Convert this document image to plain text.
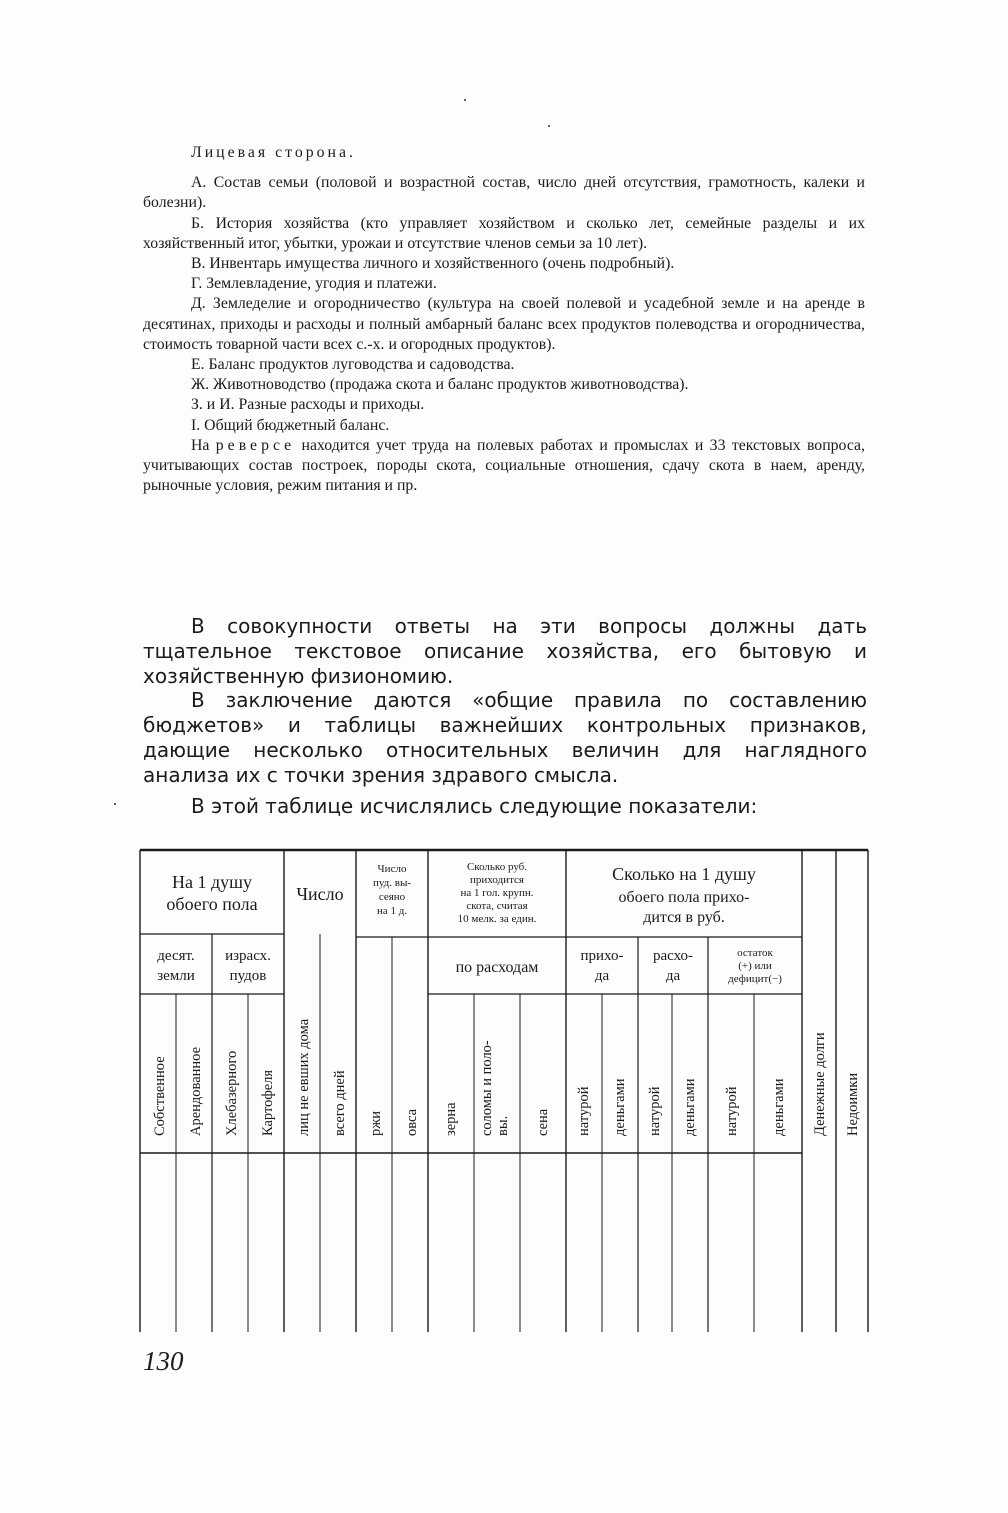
Лицевая сторона.

А. Состав семьи (половой и возрастной состав, число дней отсутствия, грамотность, калеки и болезни).

Б. История хозяйства (кто управляет хозяйством и сколько лет, семейные разделы и их хозяйственный итог, убытки, урожаи и отсутствие членов семьи за 10 лет).

В. Инвентарь имущества личного и хозяйственного (очень подробный).

Г. Землевладение, угодия и платежи.

Д. Земледелие и огородничество (культура на своей полевой и усадебной земле и на аренде в десятинах, приходы и расходы и полный амбарный баланс всех продуктов полеводства и огородничества, стоимость товарной части всех с.-х. и огородных продуктов).

Е. Баланс продуктов луговодства и садоводства.

Ж. Животноводство (продажа скота и баланс продуктов животноводства).

З. и И. Разные расходы и приходы.

I. Общий бюджетный баланс.

На реверсе находится учет труда на полевых работах и промыслах и 33 текстовых вопроса, учитывающих состав построек, породы скота, социальные отношения, сдачу скота в наем, аренду, рыночные условия, режим питания и пр.

В совокупности ответы на эти вопросы должны дать тщательное текстовое описание хозяйства, его бытовую и хозяйственную физиономию.

В заключение даются «общие правила по составлению бюджетов» и таблицы важнейших контрольных признаков, дающие несколько относительных величин для наглядного анализа их с точки зрения здравого смысла.

В этой таблице исчислялись следующие показатели:

На 1 душу
обоего пола Число
Число
пуд. вы-
сеяно
на 1 д.
Сколько руб.
приходится
на 1 гол. крупн.
скота, считая
10 мелк. за един.
Сколько на 1 душу
обоего пола прихо-
дится в руб.
десят.
земли
израсх.
пудов	по расходам
прихо-
да
расхо-
да
остаток
(+) или
дефицит(−)
Собственное Арендованное Хлебазерного Картофеля лиц не евших дома всего дней ржи овса зерна соломы и поло- вы. сена натурой деньгами натурой деньгами натурой деньгами Денежные долги Недоимки
130
